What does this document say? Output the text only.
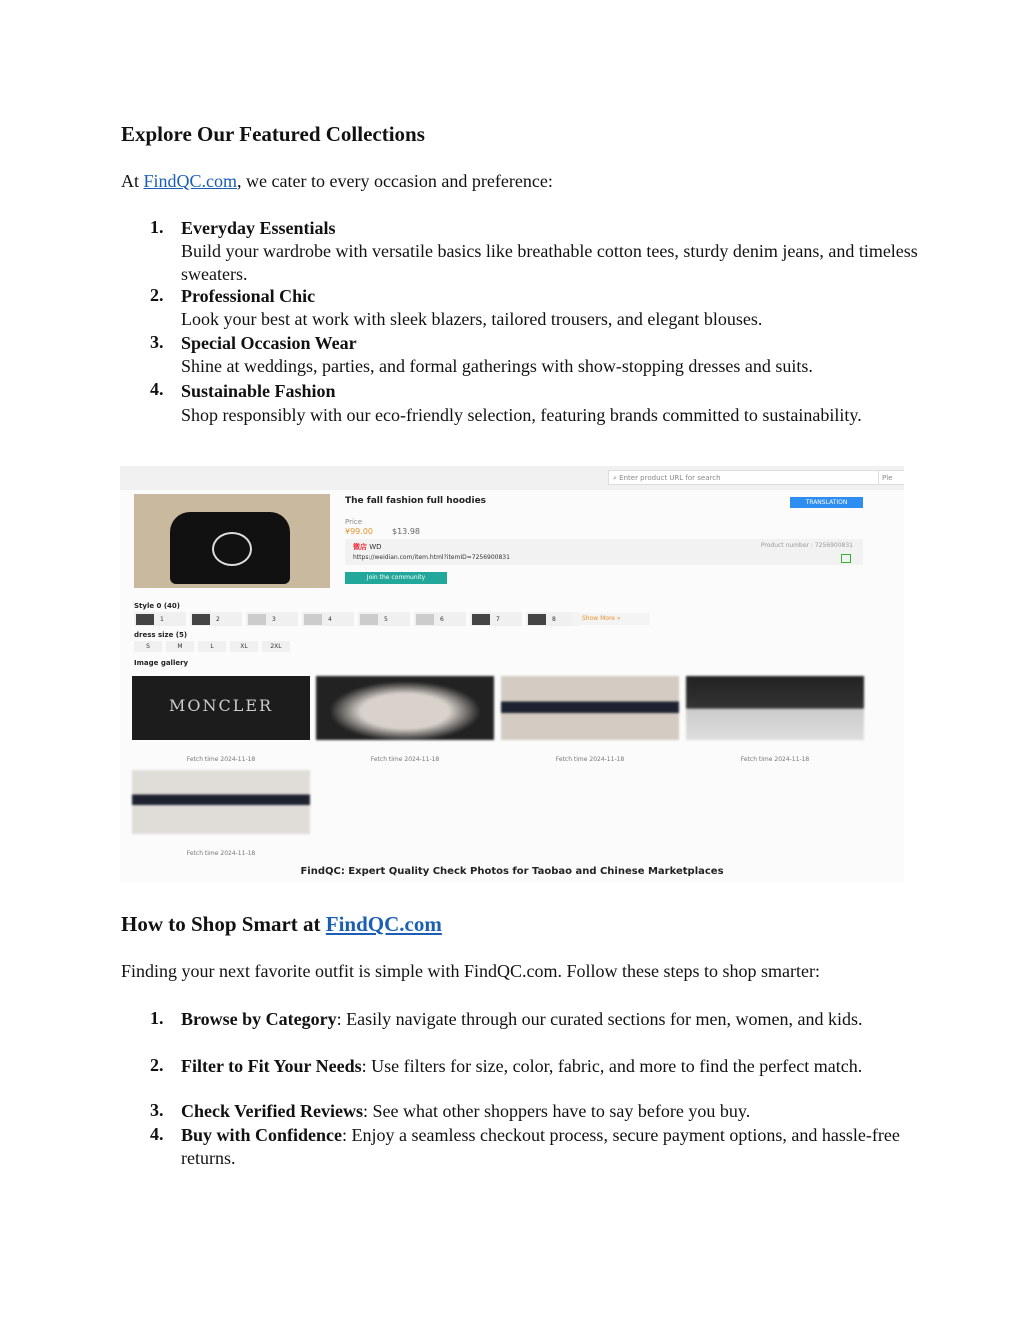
Explore Our Featured Collections
At FindQC.com, we cater to every occasion and preference:
1. Everyday Essentials
Build your wardrobe with versatile basics like breathable cotton tees, sturdy denim jeans, and timeless sweaters.
2. Professional Chic
Look your best at work with sleek blazers, tailored trousers, and elegant blouses.
3. Special Occasion Wear
Shine at weddings, parties, and formal gatherings with show-stopping dresses and suits.
4. Sustainable Fashion
Shop responsibly with our eco-friendly selection, featuring brands committed to sustainability.
⌕ Enter product URL for search	Ple
The fall fashion full hoodies	TRANSLATION
Price
¥99.00 $13.98
微店 WD	Product number : 7256900831
https://weidian.com/item.html?itemID=7256900831
Join the community
Style 0 (40)
1	2	3	4	5	6	7	8	Show More »
dress size (5)
S	M	L	XL	2XL
Image gallery
MONCLER
Fetch time 2024-11-18	Fetch time 2024-11-18	Fetch time 2024-11-18	Fetch time 2024-11-18
Fetch time 2024-11-18
FindQC: Expert Quality Check Photos for Taobao and Chinese Marketplaces
How to Shop Smart at FindQC.com
Finding your next favorite outfit is simple with FindQC.com. Follow these steps to shop smarter:
1. Browse by Category: Easily navigate through our curated sections for men, women, and kids.
2. Filter to Fit Your Needs: Use filters for size, color, fabric, and more to find the perfect match.
3. Check Verified Reviews: See what other shoppers have to say before you buy.
4. Buy with Confidence: Enjoy a seamless checkout process, secure payment options, and hassle-free returns.
